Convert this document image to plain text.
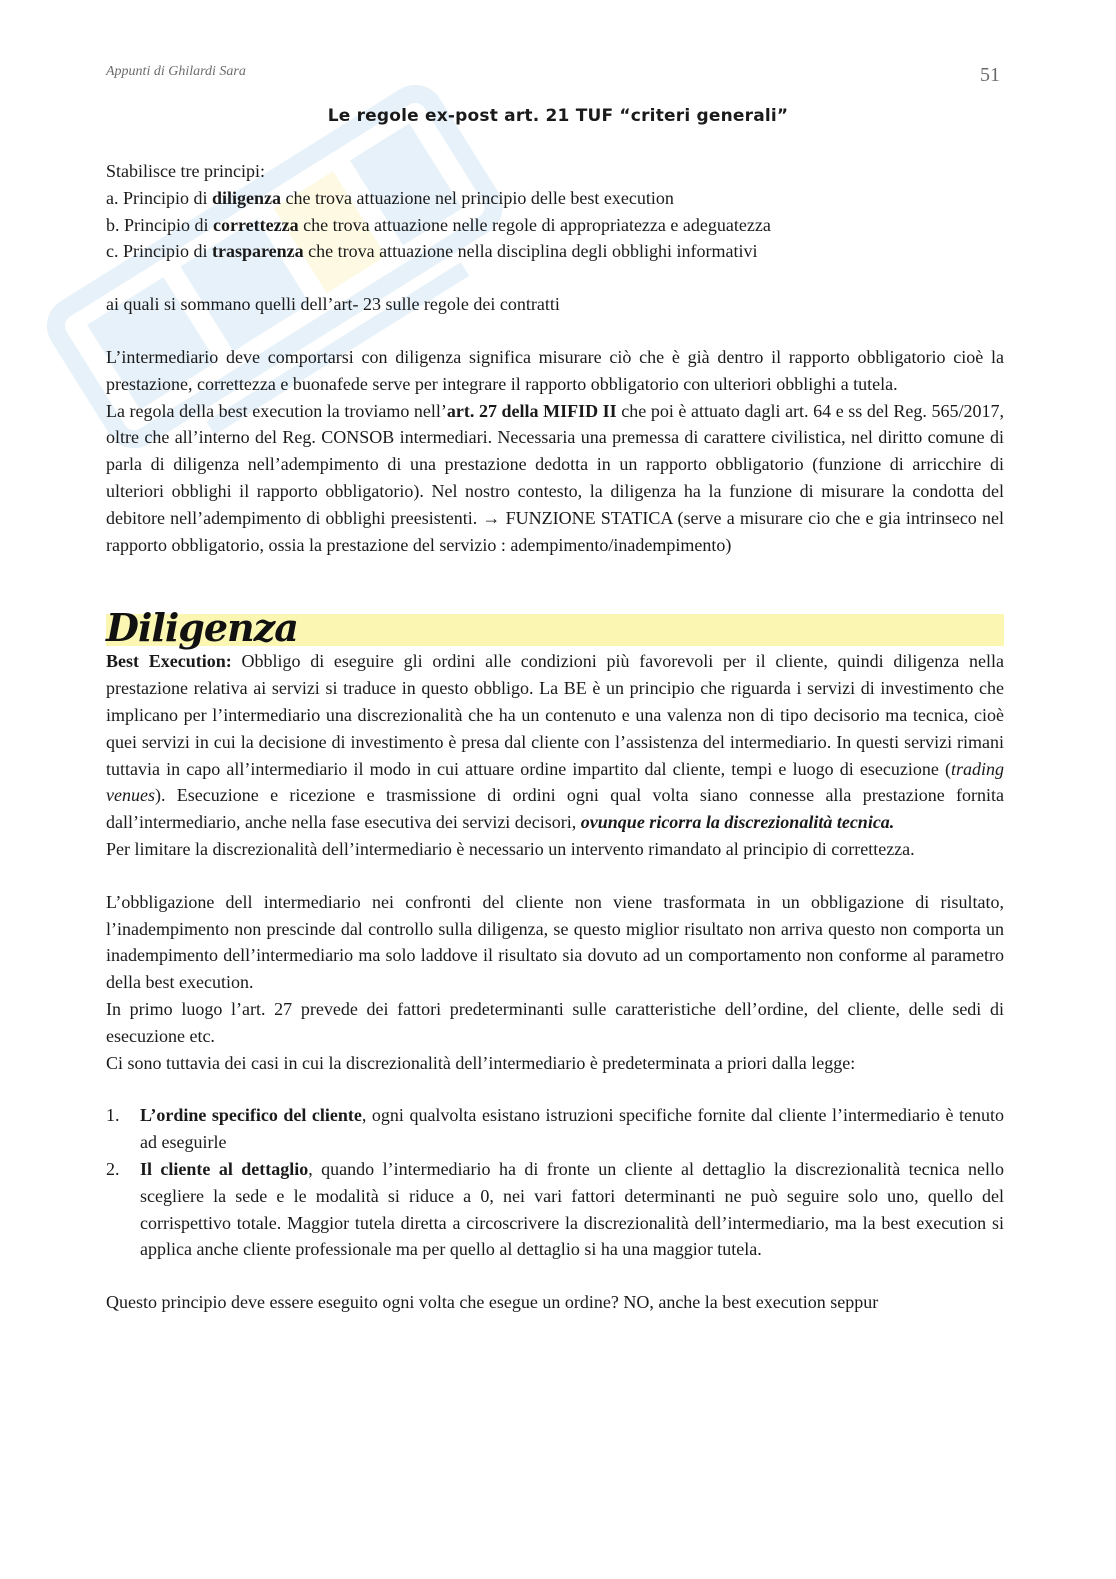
Appunti di Ghilardi Sara	51
Le regole ex-post art. 21 TUF “criteri generali”

Stabilisce tre principi:

a. Principio di diligenza che trova attuazione nel principio delle best execution

b. Principio di correttezza che trova attuazione nelle regole di appropriatezza e adeguatezza

c. Principio di trasparenza che trova attuazione nella disciplina degli obblighi informativi

ai quali si sommano quelli dell’art- 23 sulle regole dei contratti

L’intermediario deve comportarsi con diligenza significa misurare ciò che è già dentro il rapporto obbligatorio cioè la prestazione, correttezza e buonafede serve per integrare il rapporto obbligatorio con ulteriori obblighi a tutela.

La regola della best execution la troviamo nell’art. 27 della MIFID II che poi è attuato dagli art. 64 e ss del Reg. 565/2017, oltre che all’interno del Reg. CONSOB intermediari. Necessaria una premessa di carattere civilistica, nel diritto comune di parla di diligenza nell’adempimento di una prestazione dedotta in un rapporto obbligatorio (funzione di arricchire di ulteriori obblighi il rapporto obbligatorio). Nel nostro contesto, la diligenza ha la funzione di misurare la condotta del debitore nell’adempimento di obblighi preesistenti. → FUNZIONE STATICA (serve a misurare cio che e gia intrinseco nel rapporto obbligatorio, ossia la prestazione del servizio : adempimento/inadempimento)

Diligenza

Best Execution: Obbligo di eseguire gli ordini alle condizioni più favorevoli per il cliente, quindi diligenza nella prestazione relativa ai servizi si traduce in questo obbligo. La BE è un principio che riguarda i servizi di investimento che implicano per l’intermediario una discrezionalità che ha un contenuto e una valenza non di tipo decisorio ma tecnica, cioè quei servizi in cui la decisione di investimento è presa dal cliente con l’assistenza del intermediario. In questi servizi rimani tuttavia in capo all’intermediario il modo in cui attuare ordine impartito dal cliente, tempi e luogo di esecuzione (trading venues). Esecuzione e ricezione e trasmissione di ordini ogni qual volta siano connesse alla prestazione fornita dall’intermediario, anche nella fase esecutiva dei servizi decisori, ovunque ricorra la discrezionalità tecnica.

Per limitare la discrezionalità dell’intermediario è necessario un intervento rimandato al principio di correttezza.

L’obbligazione dell intermediario nei confronti del cliente non viene trasformata in un obbligazione di risultato, l’inadempimento non prescinde dal controllo sulla diligenza, se questo miglior risultato non arriva questo non comporta un inadempimento dell’intermediario ma solo laddove il risultato sia dovuto ad un comportamento non conforme al parametro della best execution.

In primo luogo l’art. 27 prevede dei fattori predeterminanti sulle caratteristiche dell’ordine, del cliente, delle sedi di esecuzione etc.

Ci sono tuttavia dei casi in cui la discrezionalità dell’intermediario è predeterminata a priori dalla legge:

1. L’ordine specifico del cliente, ogni qualvolta esistano istruzioni specifiche fornite dal cliente l’intermediario è tenuto ad eseguirle
2. Il cliente al dettaglio, quando l’intermediario ha di fronte un cliente al dettaglio la discrezionalità tecnica nello scegliere la sede e le modalità si riduce a 0, nei vari fattori determinanti ne può seguire solo uno, quello del corrispettivo totale. Maggior tutela diretta a circoscrivere la discrezionalità dell’intermediario, ma la best execution si applica anche cliente professionale ma per quello al dettaglio si ha una maggior tutela.

Questo principio deve essere eseguito ogni volta che esegue un ordine? NO, anche la best execution seppur
